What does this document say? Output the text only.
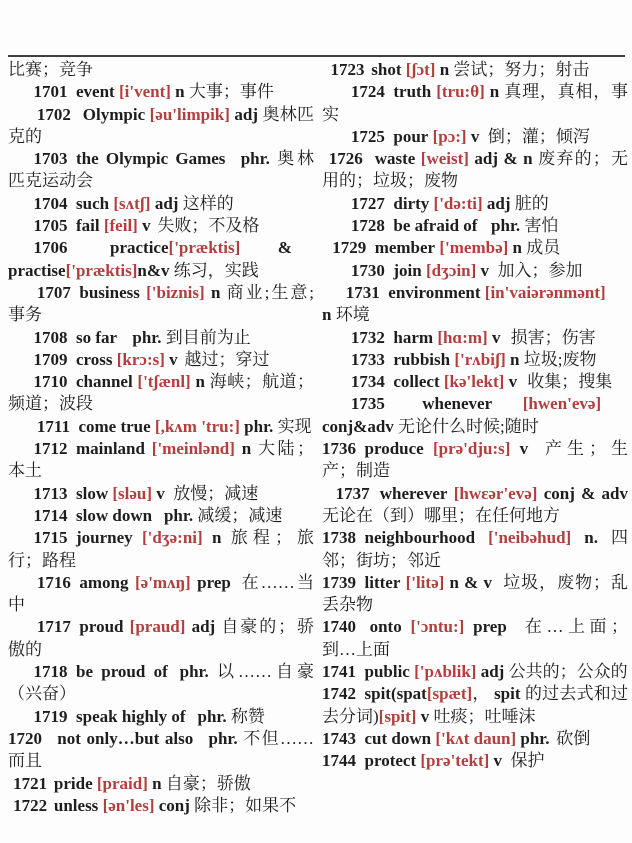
比赛；竞争

1701 event [i'vent] n 大事；事件

1702 Olympic [əu'limpik] adj 奥林匹克的

1703 the Olympic Games phr. 奥林匹克运动会

1704 such [sʌtʃ] adj 这样的

1705 fail [feil] v 失败；不及格

1706	practice['præktis] &
practise['præktis]n&v 练习，实践

1707 business ['biznis] n 商业;生意;事务

1708 so far phr. 到目前为止

1709 cross [krɔ:s] v 越过；穿过

1710 channel ['tʃænl] n 海峡；航道；频道；波段

1711 come true [,kʌm 'tru:] phr. 实现

1712 mainland ['meinlənd] n 大陆；本土

1713 slow [sləu] v 放慢；减速

1714 slow down phr. 减缓；减速

1715 journey ['dʒə:ni] n 旅程；旅行；路程

1716 among [ə'mʌŋ] prep 在……当中

1717 proud [praud] adj 自豪的；骄傲的

1718 be proud of phr. 以……自豪（兴奋）

1719 speak highly of phr. 称赞

1720 not only…but also phr. 不但……而且

1721 pride [praid] n 自豪；骄傲

1722 unless [ən'les] conj 除非；如果不

1723 shot [ʃɔt] n 尝试；努力；射击

1724 truth [tru:θ] n 真理，真相，事实

1725 pour [pɔ:] v 倒；灌；倾泻

1726 waste [weist] adj & n 废弃的；无用的；垃圾；废物

1727 dirty ['də:ti] adj 脏的

1728 be afraid of phr. 害怕

1729 member ['membə] n 成员

1730 join [dʒɔin] v 加入；参加

1731 environment [in'vaiərənmənt]
n 环境

1732 harm [hɑ:m] v 损害；伤害

1733 rubbish ['rʌbiʃ] n 垃圾;废物

1734 collect [kə'lekt] v 收集；搜集

1735 whenever [hwen'evə]
conj&adv 无论什么时候;随时

1736 produce [prə'dju:s] v 产生；生产；制造

1737 wherever [hwɛər'evə] conj & adv 无论在（到）哪里；在任何地方

1738 neighbourhood ['neibəhud] n. 四邻；街坊；邻近

1739 litter ['litə] n & v 垃圾，废物；乱丢杂物

1740 onto ['ɔntu:] prep 在…上面；到…上面

1741 public ['pʌblik] adj 公共的；公众的

1742 spit(spat[spæt]， spit 的过去式和过去分词)[spit] v 吐痰；吐唾沫

1743 cut down ['kʌt daun] phr. 砍倒

1744 protect [prə'tekt] v 保护
